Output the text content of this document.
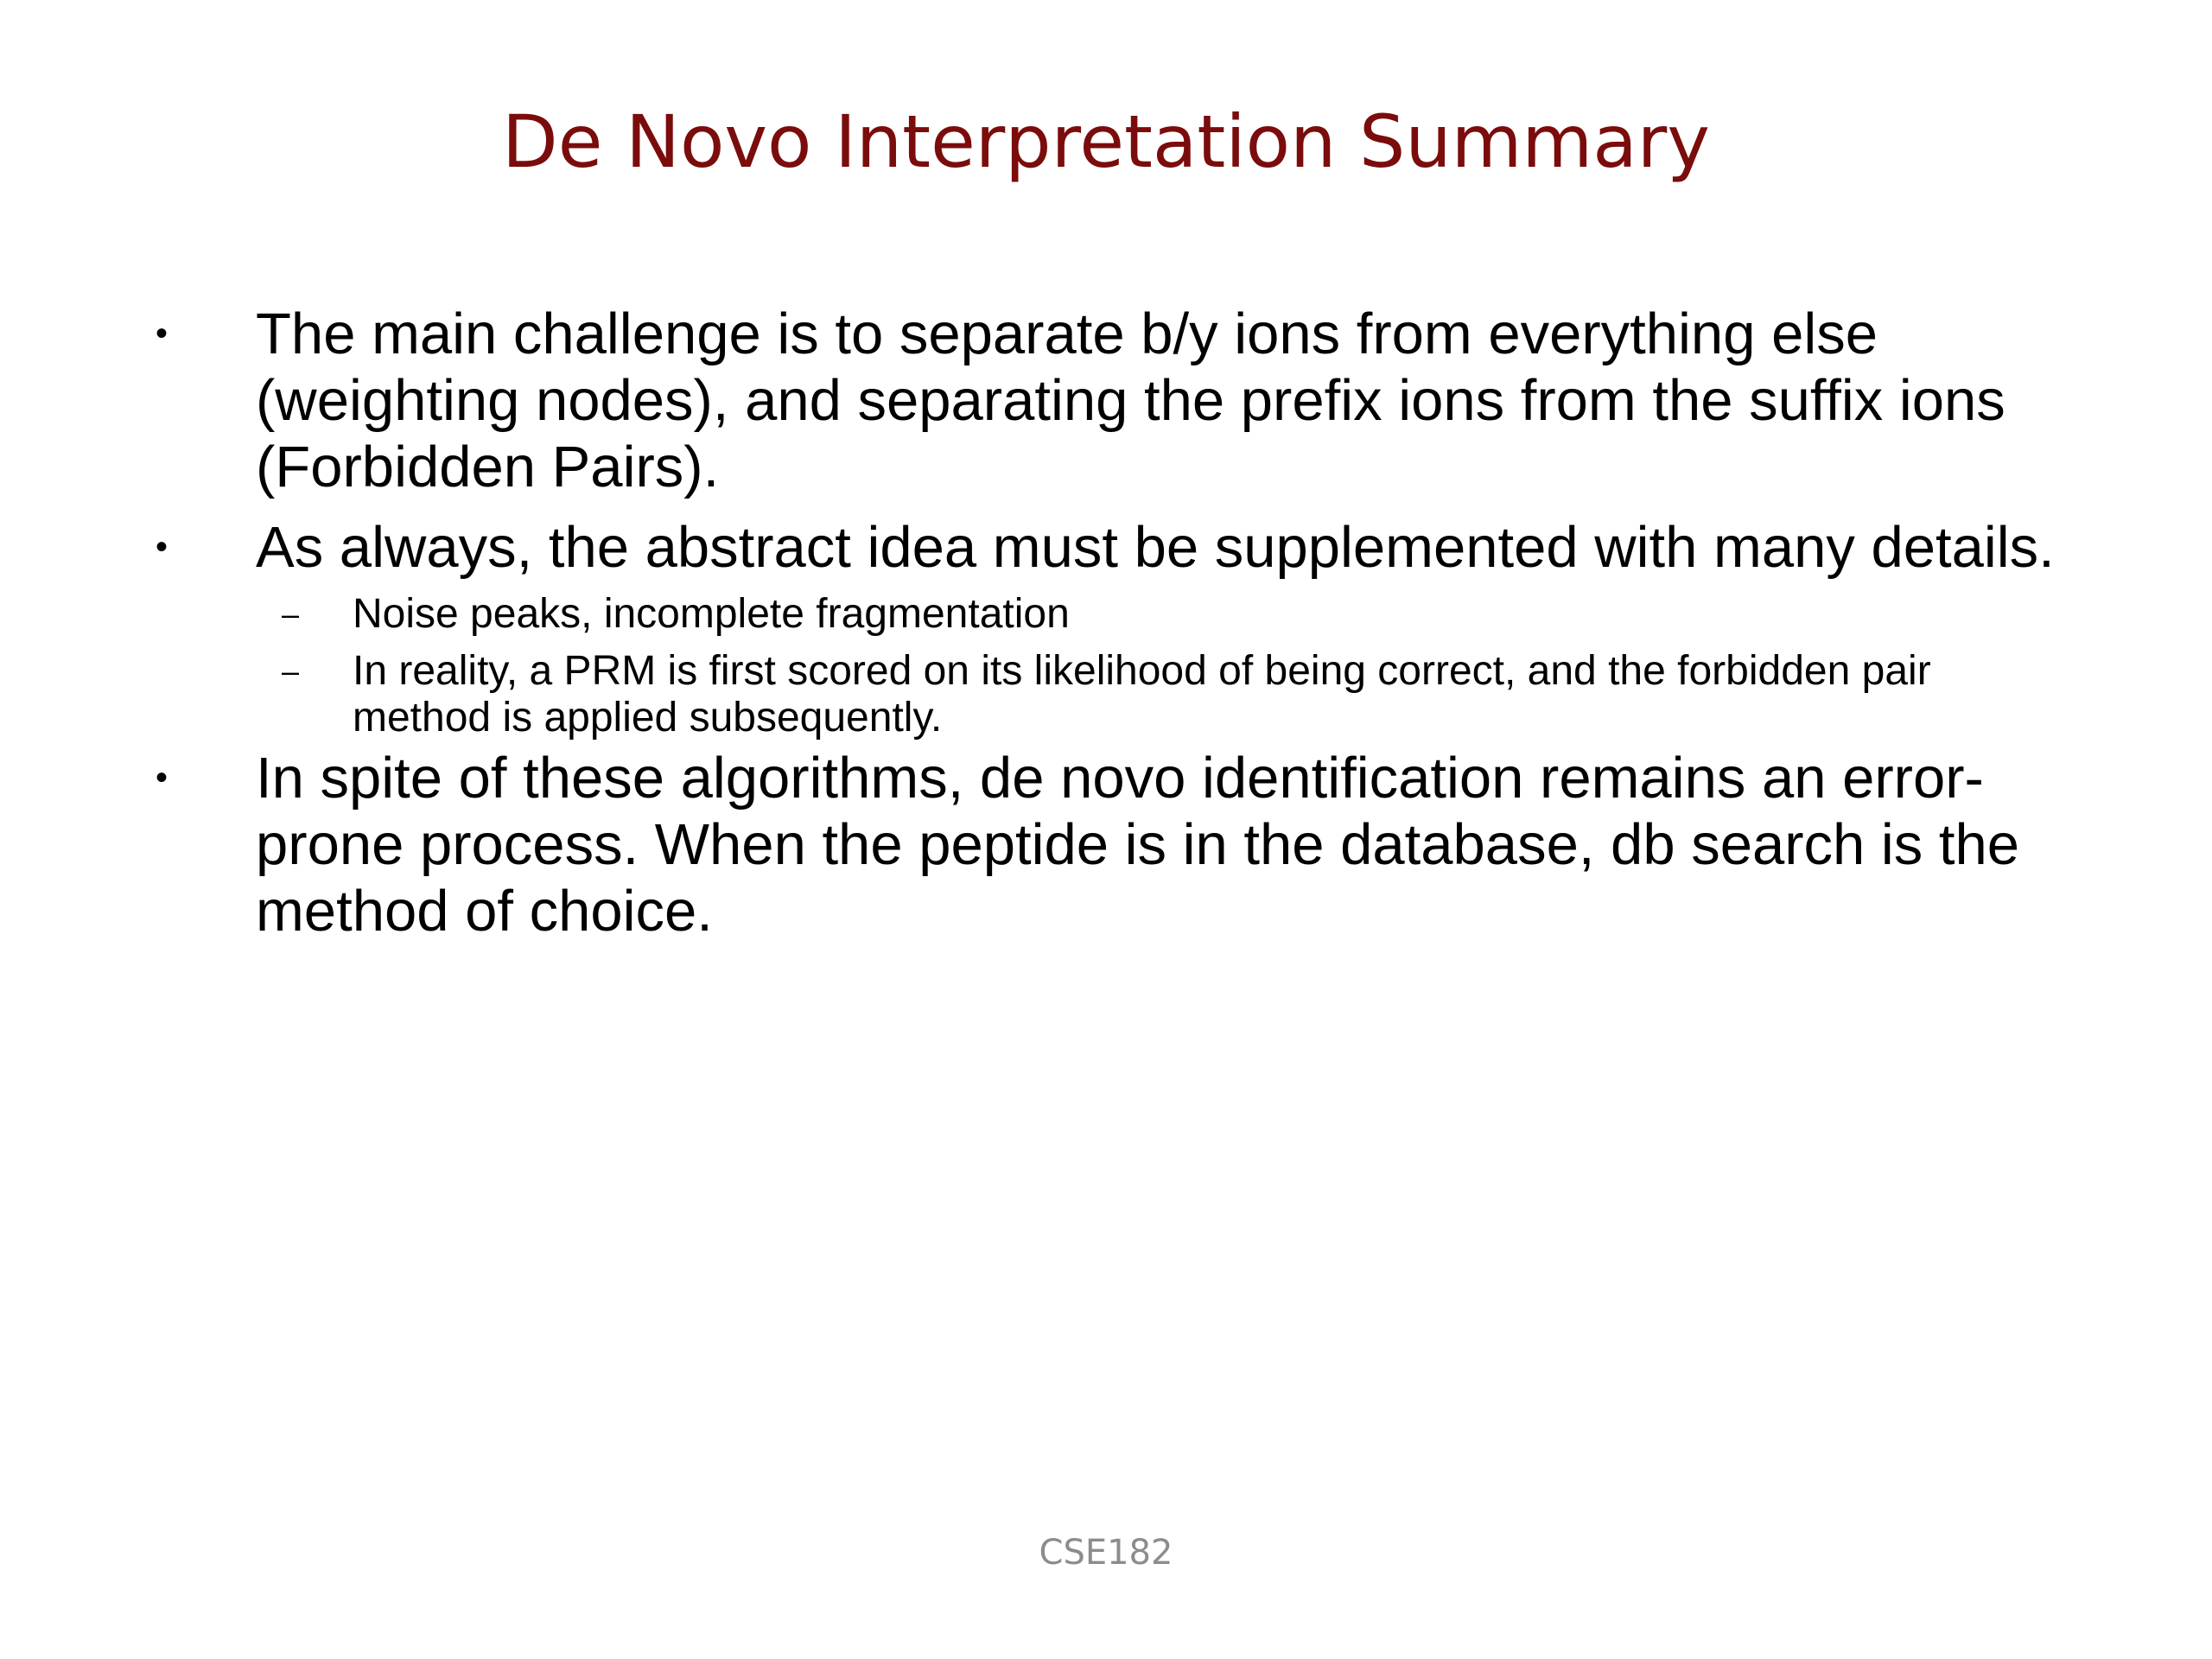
De Novo Interpretation Summary
•	The main challenge is to separate b/y ions from everything else (weighting nodes), and separating the prefix ions from the suffix ions (Forbidden Pairs).
•	As always, the abstract idea must be supplemented with many details.
– Noise peaks, incomplete fragmentation
– In reality, a PRM is first scored on its likelihood of being correct, and the forbidden pair method is applied subsequently.
•	In spite of these algorithms, de novo identification remains an error-prone process. When the peptide is in the database, db search is the method of choice.
CSE182
